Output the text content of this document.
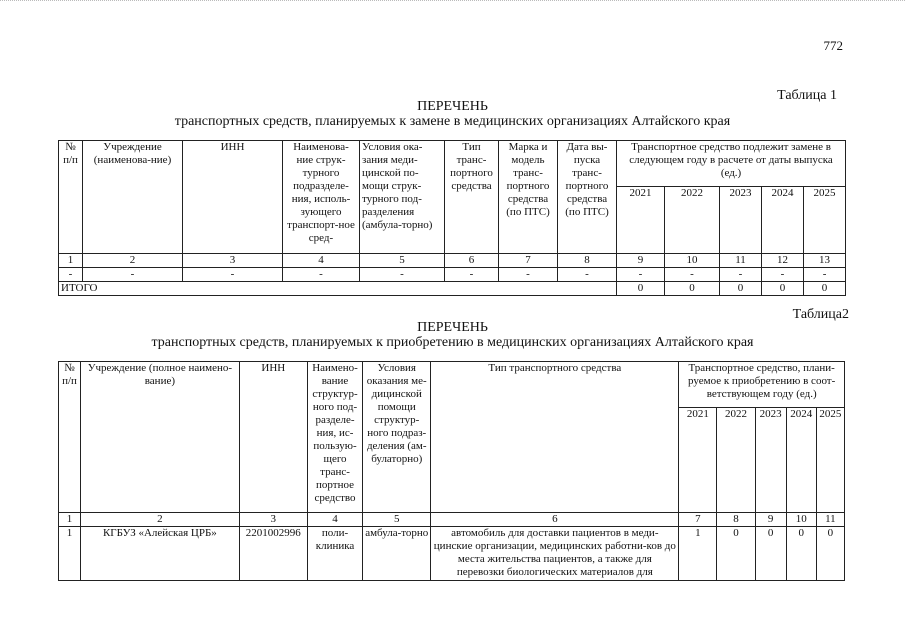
772
Таблица 1
ПЕРЕЧЕНЬ
транспортных средств, планируемых к замене в медицинских организациях Алтайского края
№ п/п	Учреждение (наименова-ние)	ИНН	Наименова-ние струк-турного подразделе-ния, исполь-зующего транспорт-ное сред-	Условия ока-зания меди-цинской по-мощи струк-турного под-разделения (амбула-торно)	Тип транс-портного средства	Марка и модель транс-портного средства (по ПТС)	Дата вы-пуска транс-портного средства (по ПТС)	Транспортное средство подлежит замене в следующем году в расчете от даты выпуска (ед.)				
								2021	2022	2023	2024	2025
1	2	3	4	5	6	7	8	9	10	11	12	13
-	-	-	-	-	-	-	-	-	-	-	-	-
ИТОГО								0	0	0	0	0
Таблица2
ПЕРЕЧЕНЬ
транспортных средств, планируемых к приобретению в медицинских организациях Алтайского края
№ п/п	Учреждение (полное наимено-вание)	ИНН	Наимено-вание структур-ного под-разделе-ния, ис-пользую-щего транс-портное средство	Условия оказания ме-дицинской помощи структур-ного подраз-деления (ам-булаторно)	Тип транспортного средства	Транспортное средство, плани-руемое к приобретению в соот-ветствующем году (ед.)				
						2021	2022	2023	2024	2025
1	2	3	4	5	6	7	8	9	10	11
1	КГБУЗ «Алейская ЦРБ»	2201002996	поли-клиника	амбула-торно	автомобиль для доставки пациентов в меди-цинские организации, медицинских работни-ков до места жительства пациентов, а также для перевозки биологических материалов для	1	0	0	0	0
